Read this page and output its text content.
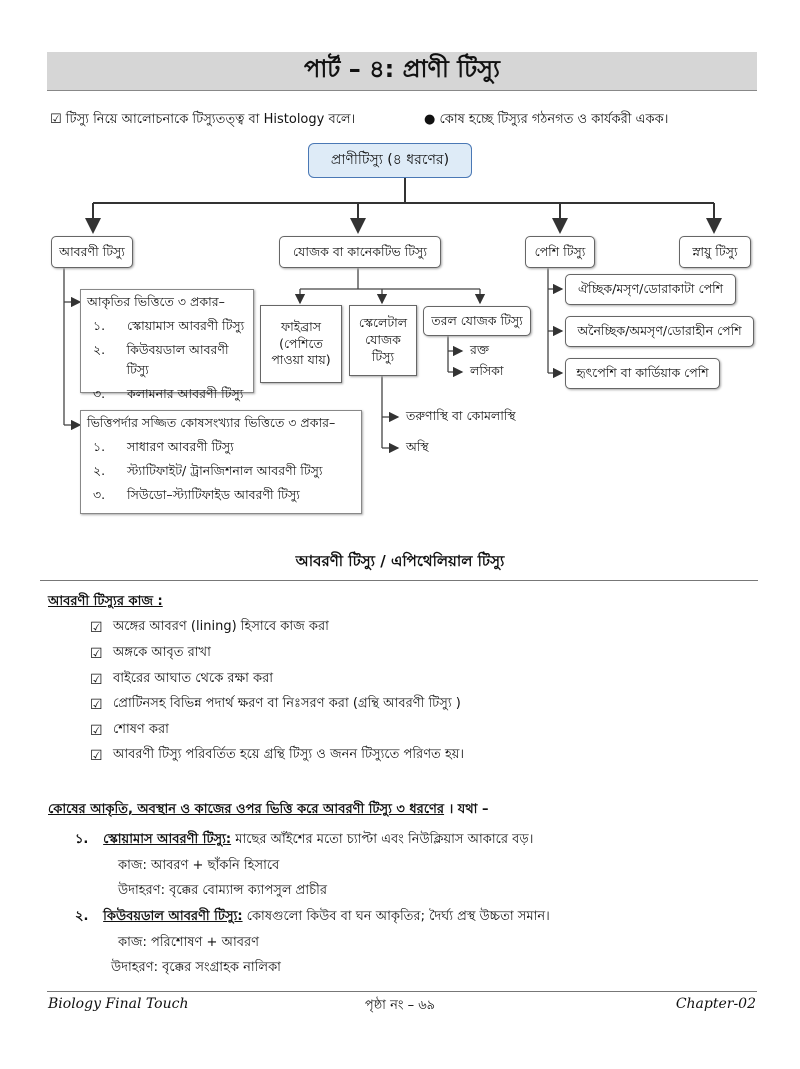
পার্ট – ৪: প্রাণী টিস্যু
☑ টিস্যু নিয়ে আলোচনাকে টিস্যুতত্ত্ব বা Histology বলে।	● কোষ হচ্ছে টিস্যুর গঠনগত ও কার্যকরী একক।
প্রাণীটিস্যু (৪ ধরণের)
আবরণী টিস্যু	যোজক বা কানেকটিভ টিস্যু	পেশি টিস্যু	স্নায়ু টিস্যু
আকৃতির ভিত্তিতে ৩ প্রকার–
১.	স্কোয়ামাস আবরণী টিস্যু
২.	কিউবয়ডাল আবরণী টিস্যু
৩.	কলামনার আবরণী টিস্যু
ভিত্তিপর্দার সজ্জিত কোষসংখ্যার ভিত্তিতে ৩ প্রকার–
১.	সাধারণ আবরণী টিস্যু
২.	স্ট্যাটিফাইট/ ট্রানজিশনাল আবরণী টিস্যু
৩.	সিউডো–স্ট্যাটিফাইড আবরণী টিস্যু
ফাইব্রাস
(পেশিতে
পাওয়া যায়)
স্কেলেটাল
যোজক
টিস্যু
তরল যোজক টিস্যু
রক্ত
লসিকা
তরুণাস্থি বা কোমলাস্থি
অস্থি
ঐচ্ছিক/মসৃণ/ডোরাকাটা পেশি
অনৈচ্ছিক/অমসৃণ/ডোরাহীন পেশি
হৃৎপেশি বা কার্ডিয়াক পেশি
আবরণী টিস্যু / এপিথেলিয়াল টিস্যু
আবরণী টিস্যুর কাজ :
☑ অঙ্গের আবরণ (lining) হিসাবে কাজ করা
☑ অঙ্গকে আবৃত রাখা
☑ বাইরের আঘাত থেকে রক্ষা করা
☑ প্রোটিনসহ বিভিন্ন পদার্থ ক্ষরণ বা নিঃসরণ করা (গ্রন্থি আবরণী টিস্যু )
☑ শোষণ করা
☑ আবরণী টিস্যু পরিবর্তিত হয়ে গ্রন্থি টিস্যু ও জনন টিস্যুতে পরিণত হয়।
কোষের আকৃতি, অবস্থান ও কাজের ওপর ভিত্তি করে আবরণী টিস্যু ৩ ধরণের । যথা –
১. স্কোয়ামাস আবরণী টিস্যু: মাছের আঁইশের মতো চ্যাপ্টা এবং নিউক্লিয়াস আকারে বড়।
কাজ: আবরণ + ছাঁকনি হিসাবে
উদাহরণ: বৃক্কের বোম্যান্স ক্যাপসুল প্রাচীর
২. কিউবয়ডাল আবরণী টিস্যু: কোষগুলো কিউব বা ঘন আকৃতির; দৈর্ঘ্য প্রস্থ উচ্চতা সমান।
কাজ: পরিশোষণ + আবরণ
উদাহরণ: বৃক্কের সংগ্রাহক নালিকা
Biology Final Touch	পৃষ্ঠা নং – ৬৯	Chapter-02
